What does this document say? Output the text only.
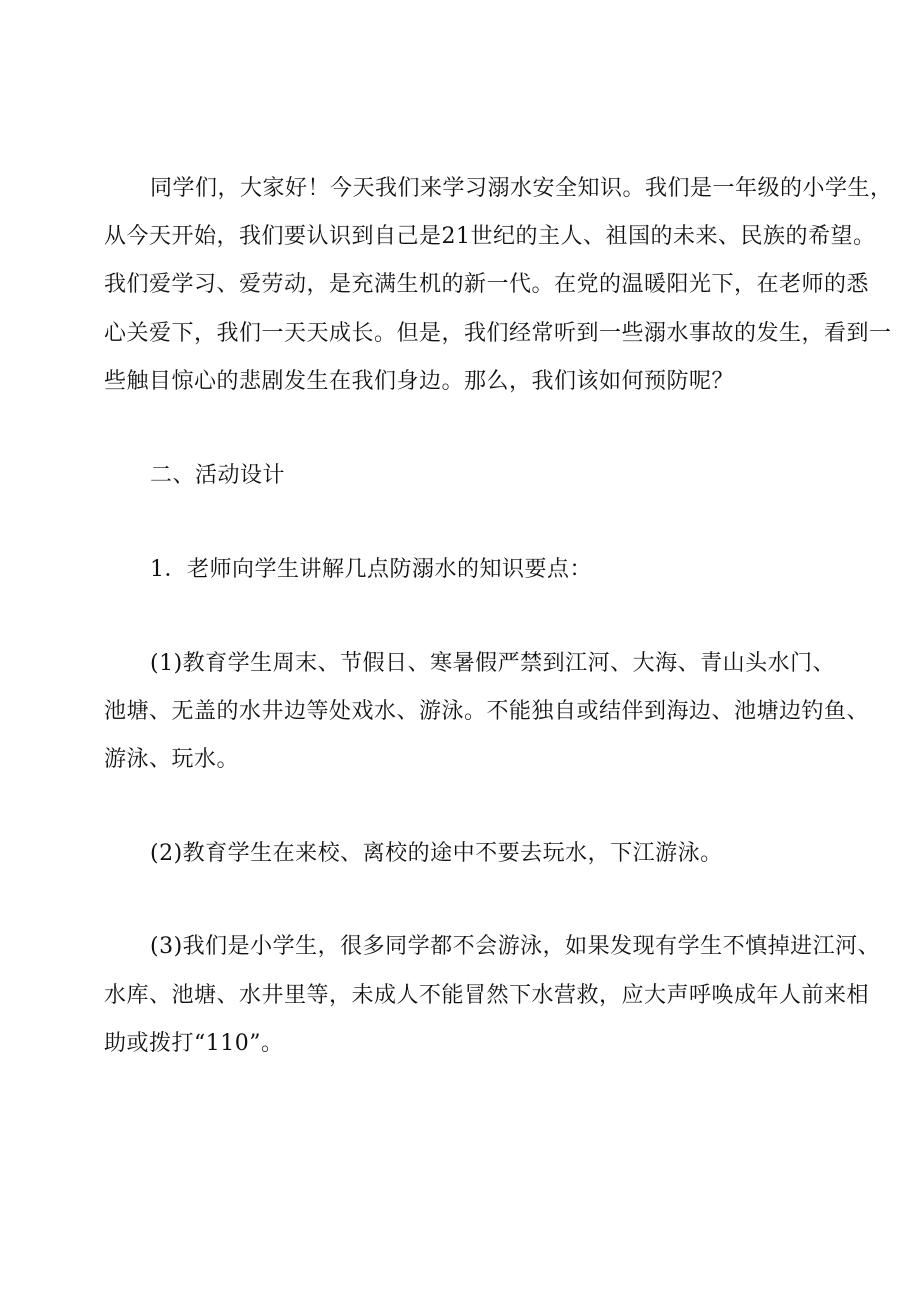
同学们，大家好！今天我们来学习溺水安全知识。我们是一年级的小学生，
从今天开始，我们要认识到自己是21世纪的主人、祖国的未来、民族的希望。
我们爱学习、爱劳动，是充满生机的新一代。在党的温暖阳光下，在老师的悉
心关爱下，我们一天天成长。但是，我们经常听到一些溺水事故的发生，看到一
些触目惊心的悲剧发生在我们身边。那么，我们该如何预防呢？
二、活动设计
1．老师向学生讲解几点防溺水的知识要点：
(1)教育学生周末、节假日、寒暑假严禁到江河、大海、青山头水门、
池塘、无盖的水井边等处戏水、游泳。不能独自或结伴到海边、池塘边钓鱼、
游泳、玩水。
(2)教育学生在来校、离校的途中不要去玩水，下江游泳。
(3)我们是小学生，很多同学都不会游泳，如果发现有学生不慎掉进江河、
水库、池塘、水井里等，未成人不能冒然下水营救，应大声呼唤成年人前来相
助或拨打“110”。
